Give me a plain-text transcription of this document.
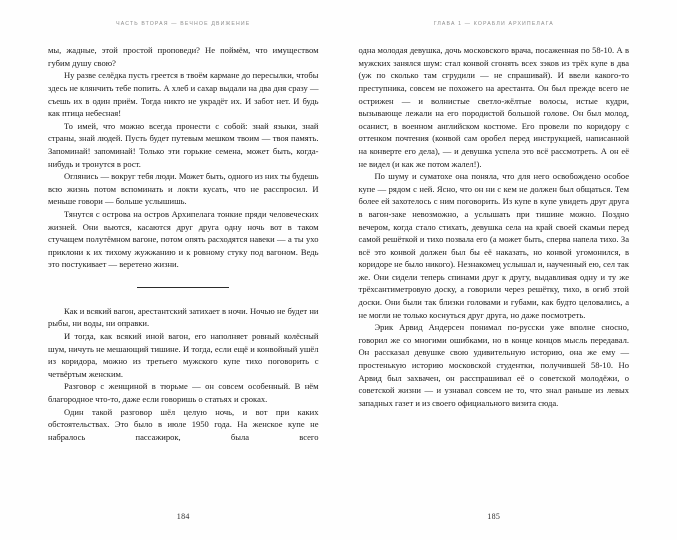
ЧАСТЬ ВТОРАЯ — ВЕЧНОЕ ДВИЖЕНИЕ

мы, жадные, этой простой проповеди? Не поймём, что имуществом губим душу свою?

Ну разве селёдка пусть греется в твоём кармане до пересылки, чтобы здесь не клянчить тебе попить. А хлеб и сахар выдали на два дня сразу — съешь их в один приём. Тогда никто не украдёт их. И забот нет. И будь как птица небесная!

То имей, что можно всегда пронести с собой: знай языки, знай страны, знай людей. Пусть будет путевым мешком твоим — твоя память. Запоминай! запоминай! Только эти горькие семена, может быть, когда-нибудь и тронутся в рост.

Оглянись — вокруг тебя люди. Может быть, одного из них ты будешь всю жизнь потом вспоминать и локти кусать, что не расспросил. И меньше говори — больше услышишь.

Тянутся с острова на остров Архипелага тонкие пряди человеческих жизней. Они вьются, касаются друг друга одну ночь вот в таком стучащем полутёмном вагоне, потом опять расходятся навеки — а ты ухо приклони к их тихому жужжанию и к ровному стуку под вагоном. Ведь это постукивает — веретено жизни.

Как и всякий вагон, арестантский затихает в ночи. Ночью не будет ни рыбы, ни воды, ни оправки.

И тогда, как всякий иной вагон, его наполняет ровный колёсный шум, ничуть не мешающий тишине. И тогда, если ещё и конвойный ушёл из коридора, можно из третьего мужского купе тихо поговорить с четвёртым женским.

Разговор с женщиной в тюрьме — он совсем особенный. В нём благородное что-то, даже если говоришь о статьях и сроках.

Один такой разговор шёл целую ночь, и вот при каких обстоятельствах. Это было в июле 1950 года. На женское купе не набралось пассажирок, была всего

184
ГЛАВА 1 — КОРАБЛИ АРХИПЕЛАГА

одна молодая девушка, дочь московского врача, посаженная по 58-10. А в мужских занялся шум: стал конвой сгонять всех зэков из трёх купе в два (уж по сколько там сгрудили — не спрашивай). И ввели какого-то преступника, совсем не похожего на арестанта. Он был прежде всего не острижен — и волнистые светло-жёлтые волосы, истые кудри, вызывающе лежали на его породистой большой голове. Он был молод, осанист, в военном английском костюме. Его провели по коридору с оттенком почтения (конвой сам оробел перед инструкцией, написанной на конверте его дела), — и девушка успела это всё рассмотреть. А он её не видел (и как же потом жалел!).

По шуму и суматохе она поняла, что для него освобождено особое купе — рядом с ней. Ясно, что он ни с кем не должен был общаться. Тем более ей захотелось с ним поговорить. Из купе в купе увидеть друг друга в вагон-заке невозможно, а услышать при тишине можно. Поздно вечером, когда стало стихать, девушка села на край своей скамьи перед самой решёткой и тихо позвала его (а может быть, сперва напела тихо. За всё это конвой должен был бы её наказать, но конвой угомонился, в коридоре не было никого). Незнакомец услышал и, наученный ею, сел так же. Они сидели теперь спинами друг к другу, выдавливая одну и ту же трёхсантиметровую доску, а говорили через решётку, тихо, в огиб этой доски. Они были так близки головами и губами, как будто целовались, а не могли не только коснуться друг друга, но даже посмотреть.

Эрик Арвид Андерсен понимал по-русски уже вполне сносно, говорил же со многими ошибками, но в конце концов мысль передавал. Он рассказал девушке свою удивительную историю, она же ему — простенькую историю московской студентки, получившей 58-10. Но Арвид был захвачен, он расспрашивал её о советской молодёжи, о советской жизни — и узнавал совсем не то, что знал раньше из левых западных газет и из своего официального визита сюда.

185
